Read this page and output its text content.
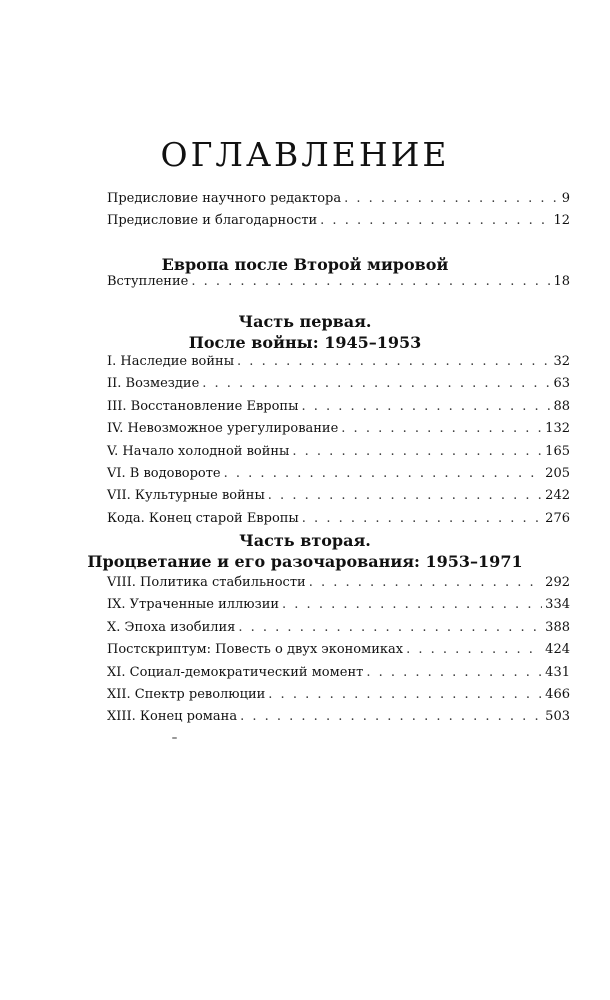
ОГЛАВЛЕНИЕ
Предисловие научного редактора . . .	9
Предисловие и благодарности . . .	12
Европа после Второй мировой
Вступление . . .	18
Часть первая.
После войны: 1945–1953
I. Наследие войны . . .	32
II. Возмездие . . .	63
III. Восстановление Европы . . .	88
IV. Невозможное урегулирование . . .	132
V. Начало холодной войны . . .	165
VI. В водовороте . . .	205
VII. Культурные войны . . .	242
Кода. Конец старой Европы . . .	276
Часть вторая.
Процветание и его разочарования: 1953–1971
VIII. Политика стабильности . . .	292
IX. Утраченные иллюзии . . .	334
X. Эпоха изобилия . . .	388
Постскриптум: Повесть о двух экономиках . . .	424
XI. Социал-демократический момент . . .	431
XII. Спектр революции . . .	466
XIII. Конец романа . . .	503
